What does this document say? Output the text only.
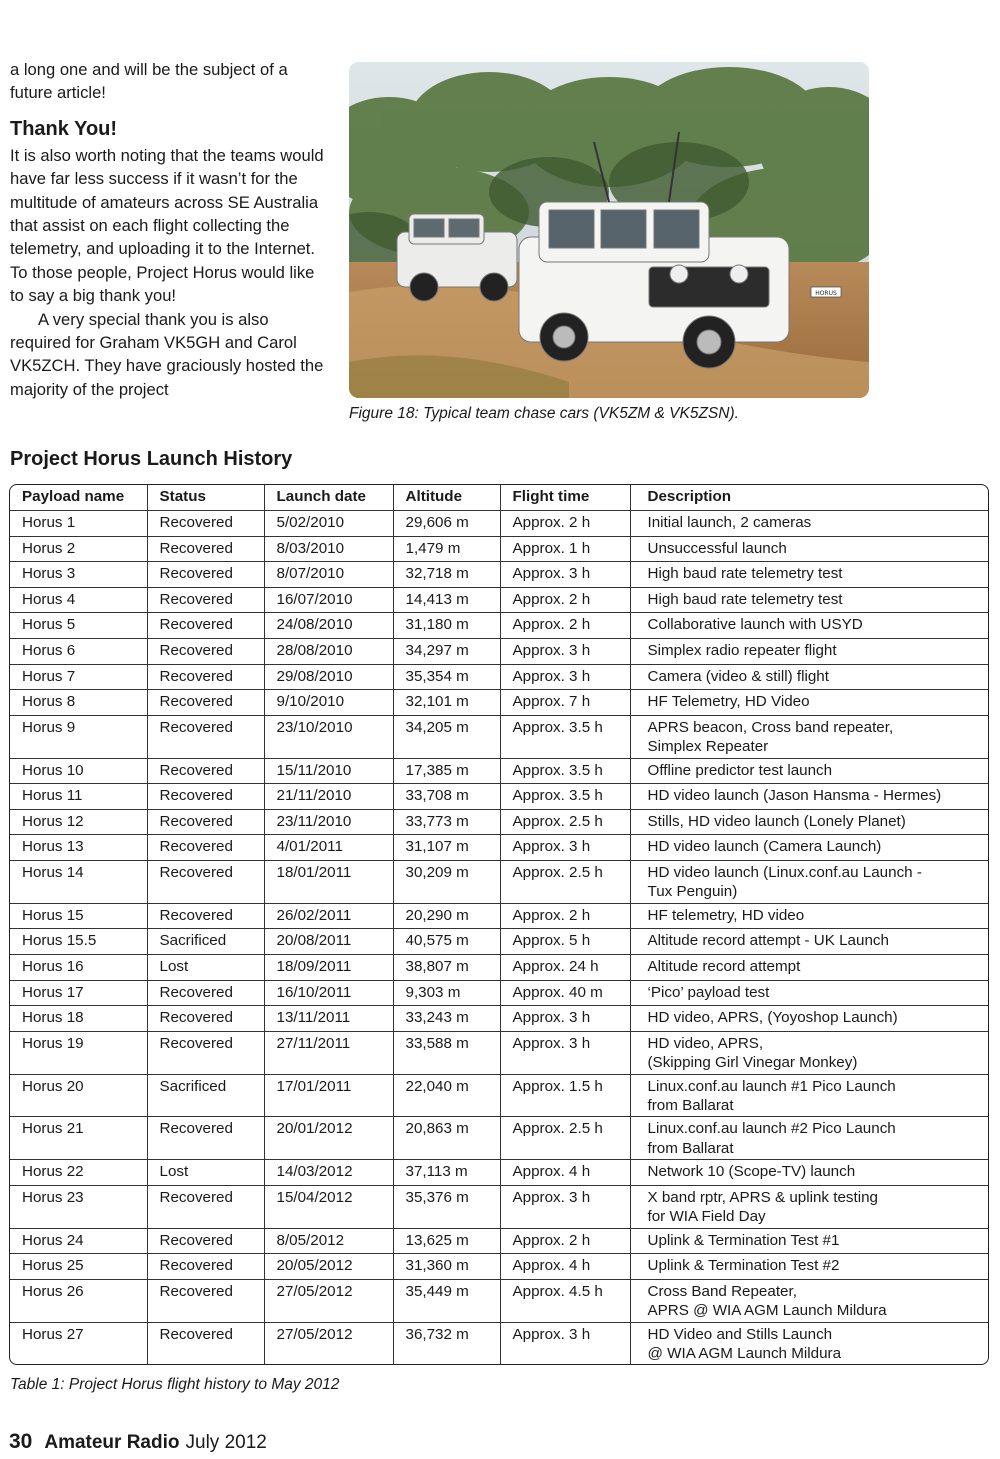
a long one and will be the subject of a future article!

Thank You!

It is also worth noting that the teams would have far less success if it wasn’t for the multitude of amateurs across SE Australia that assist on each flight collecting the telemetry, and uploading it to the Internet. To those people, Project Horus would like to say a big thank you!

A very special thank you is also required for Graham VK5GH and Carol VK5ZCH. They have graciously hosted the majority of the project

HORUS
Figure 18: Typical team chase cars (VK5ZM & VK5ZSN).
Project Horus Launch History
Payload name	Status	Launch date	Altitude	Flight time	Description
Horus 1	Recovered	5/02/2010	29,606 m	Approx. 2 h	Initial launch, 2 cameras
Horus 2	Recovered	8/03/2010	1,479 m	Approx. 1 h	Unsuccessful launch
Horus 3	Recovered	8/07/2010	32,718 m	Approx. 3 h	High baud rate telemetry test
Horus 4	Recovered	16/07/2010	14,413 m	Approx. 2 h	High baud rate telemetry test
Horus 5	Recovered	24/08/2010	31,180 m	Approx. 2 h	Collaborative launch with USYD
Horus 6	Recovered	28/08/2010	34,297 m	Approx. 3 h	Simplex radio repeater flight
Horus 7	Recovered	29/08/2010	35,354 m	Approx. 3 h	Camera (video & still) flight
Horus 8	Recovered	9/10/2010	32,101 m	Approx. 7 h	HF Telemetry, HD Video
Horus 9	Recovered	23/10/2010	34,205 m	Approx. 3.5 h	APRS beacon, Cross band repeater,
Simplex Repeater
Horus 10	Recovered	15/11/2010	17,385 m	Approx. 3.5 h	Offline predictor test launch
Horus 11	Recovered	21/11/2010	33,708 m	Approx. 3.5 h	HD video launch (Jason Hansma - Hermes)
Horus 12	Recovered	23/11/2010	33,773 m	Approx. 2.5 h	Stills, HD video launch (Lonely Planet)
Horus 13	Recovered	4/01/2011	31,107 m	Approx. 3 h	HD video launch (Camera Launch)
Horus 14	Recovered	18/01/2011	30,209 m	Approx. 2.5 h	HD video launch (Linux.conf.au Launch -
Tux Penguin)
Horus 15	Recovered	26/02/2011	20,290 m	Approx. 2 h	HF telemetry, HD video
Horus 15.5	Sacrificed	20/08/2011	40,575 m	Approx. 5 h	Altitude record attempt - UK Launch
Horus 16	Lost	18/09/2011	38,807 m	Approx. 24 h	Altitude record attempt
Horus 17	Recovered	16/10/2011	9,303 m	Approx. 40 m	‘Pico’ payload test
Horus 18	Recovered	13/11/2011	33,243 m	Approx. 3 h	HD video, APRS, (Yoyoshop Launch)
Horus 19	Recovered	27/11/2011	33,588 m	Approx. 3 h	HD video, APRS,
(Skipping Girl Vinegar Monkey)
Horus 20	Sacrificed	17/01/2011	22,040 m	Approx. 1.5 h	Linux.conf.au launch #1 Pico Launch
from Ballarat
Horus 21	Recovered	20/01/2012	20,863 m	Approx. 2.5 h	Linux.conf.au launch #2 Pico Launch
from Ballarat
Horus 22	Lost	14/03/2012	37,113 m	Approx. 4 h	Network 10 (Scope-TV) launch
Horus 23	Recovered	15/04/2012	35,376 m	Approx. 3 h	X band rptr, APRS & uplink testing
for WIA Field Day
Horus 24	Recovered	8/05/2012	13,625 m	Approx. 2 h	Uplink & Termination Test #1
Horus 25	Recovered	20/05/2012	31,360 m	Approx. 4 h	Uplink & Termination Test #2
Horus 26	Recovered	27/05/2012	35,449 m	Approx. 4.5 h	Cross Band Repeater,
APRS @ WIA AGM Launch Mildura
Horus 27	Recovered	27/05/2012	36,732 m	Approx. 3 h	HD Video and Stills Launch
@ WIA AGM Launch Mildura
Table 1: Project Horus flight history to May 2012
30 Amateur Radio July 2012
